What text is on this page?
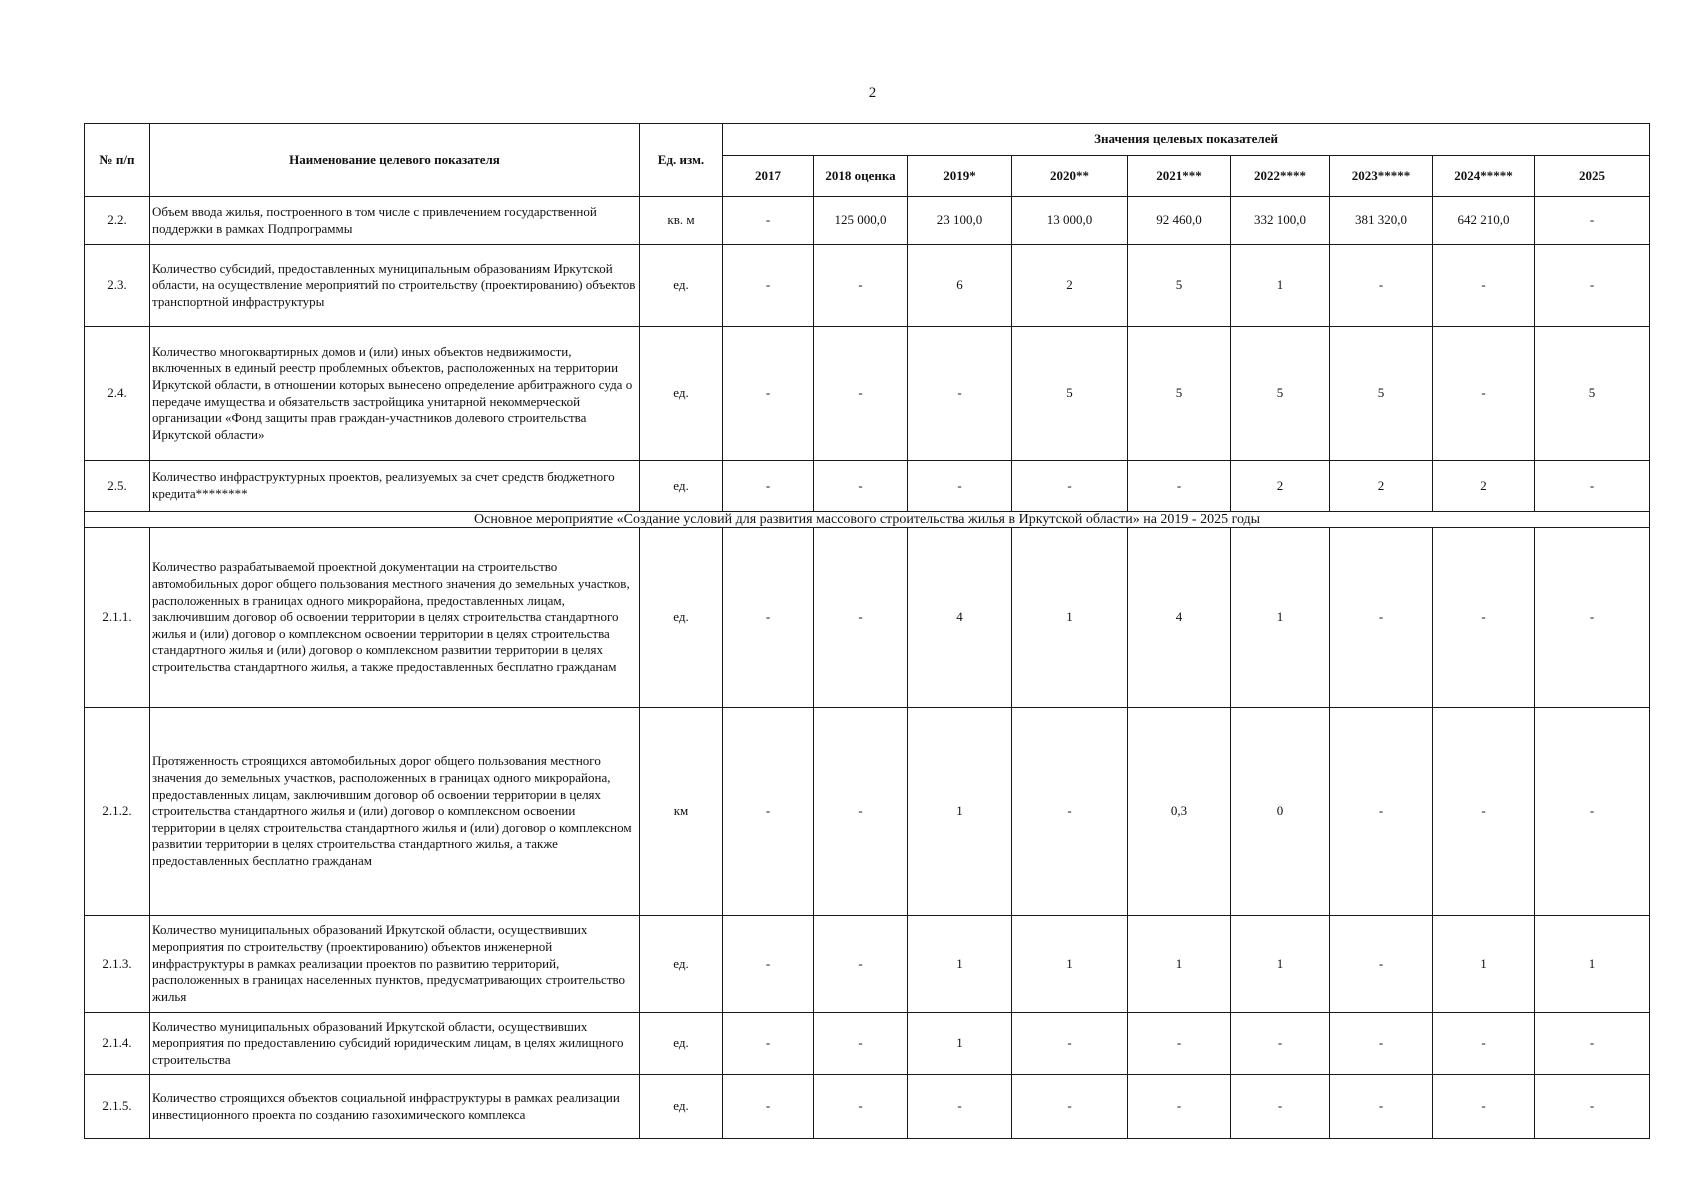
2
№ п/п	Наименование целевого показателя	Ед. изм.	Значения целевых показателей								
			2017	2018 оценка	2019*	2020**	2021***	2022****	2023*****	2024*****	2025
2.2.	Объем ввода жилья, построенного в том числе с привлечением государственной поддержки в рамках Подпрограммы	кв. м	-	125 000,0	23 100,0	13 000,0	92 460,0	332 100,0	381 320,0	642 210,0	-
2.3.	Количество субсидий, предоставленных муниципальным образованиям Иркутской области, на осуществление мероприятий по строительству (проектированию) объектов транспортной инфраструктуры	ед.	-	-	6	2	5	1	-	-	-
2.4.	Количество многоквартирных домов и (или) иных объектов недвижимости, включенных в единый реестр проблемных объектов, расположенных на территории Иркутской области, в отношении которых вынесено определение арбитражного суда о передаче имущества и обязательств застройщика унитарной некоммерческой организации «Фонд защиты прав граждан-участников долевого строительства Иркутской области»	ед.	-	-	-	5	5	5	5	-	5
2.5.	Количество инфраструктурных проектов, реализуемых за счет средств бюджетного кредита********	ед.	-	-	-	-	-	2	2	2	-
Основное мероприятие «Создание условий для развития массового строительства жилья в Иркутской области» на 2019 - 2025 годы											
2.1.1.	Количество разрабатываемой проектной документации на строительство автомобильных дорог общего пользования местного значения до земельных участков, расположенных в границах одного микрорайона, предоставленных лицам, заключившим договор об освоении территории в целях строительства стандартного жилья и (или) договор о комплексном освоении территории в целях строительства стандартного жилья и (или) договор о комплексном развитии территории в целях строительства стандартного жилья, а также предоставленных бесплатно гражданам	ед.	-	-	4	1	4	1	-	-	-
2.1.2.	Протяженность строящихся автомобильных дорог общего пользования местного значения до земельных участков, расположенных в границах одного микрорайона, предоставленных лицам, заключившим договор об освоении территории в целях строительства стандартного жилья и (или) договор о комплексном освоении территории в целях строительства стандартного жилья и (или) договор о комплексном развитии территории в целях строительства стандартного жилья, а также предоставленных бесплатно гражданам	км	-	-	1	-	0,3	0	-	-	-
2.1.3.	Количество муниципальных образований Иркутской области, осуществивших мероприятия по строительству (проектированию) объектов инженерной инфраструктуры в рамках реализации проектов по развитию территорий, расположенных в границах населенных пунктов, предусматривающих строительство жилья	ед.	-	-	1	1	1	1	-	1	1
2.1.4.	Количество муниципальных образований Иркутской области, осуществивших мероприятия по предоставлению субсидий юридическим лицам, в целях жилищного строительства	ед.	-	-	1	-	-	-	-	-	-
2.1.5.	Количество строящихся объектов социальной инфраструктуры в рамках реализации инвестиционного проекта по созданию газохимического комплекса	ед.	-	-	-	-	-	-	-	-	-
